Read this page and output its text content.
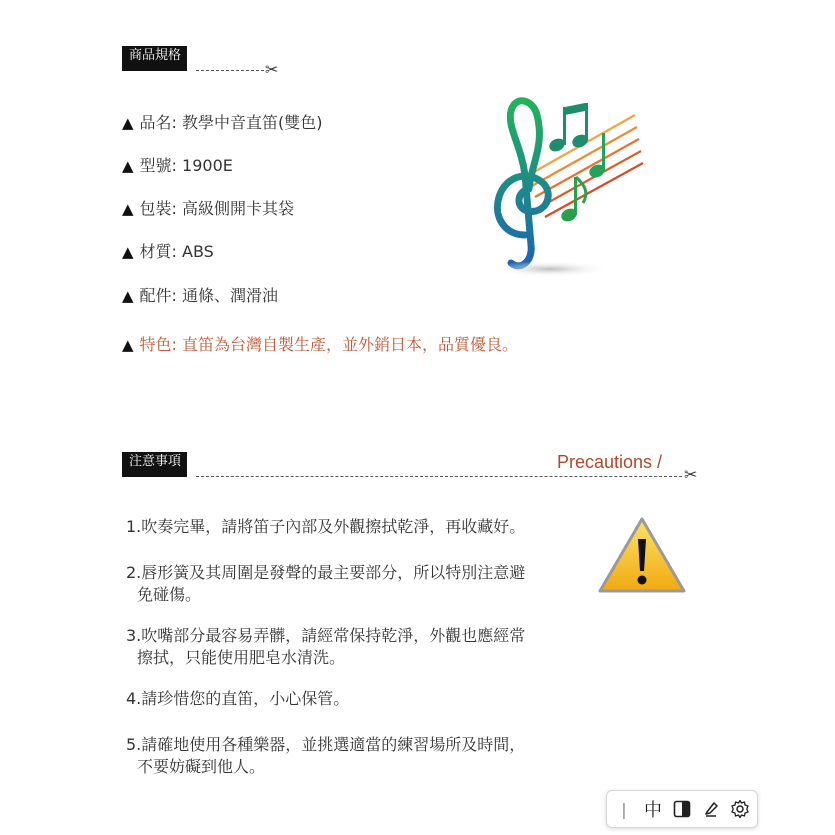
商品規格
✂
▲ 品名: 教學中音直笛(雙色)
▲ 型號: 1900E
▲ 包裝: 高級側開卡其袋
▲ 材質: ABS
▲ 配件: 通條、潤滑油
▲ 特色: 直笛為台灣自製生產，並外銷日本，品質優良。
注意事項	Precautions /
✂
1.吹奏完畢，請將笛子內部及外觀擦拭乾淨，再收藏好。
2.唇形簧及其周圍是發聲的最主要部分，所以特別注意避
免碰傷。
3.吹嘴部分最容易弄髒，請經常保持乾淨，外觀也應經常
擦拭，只能使用肥皂水清洗。
4.請珍惜您的直笛，小心保管。
5.請確地使用各種樂器，並挑選適當的練習場所及時間，
不要妨礙到他人。
| 中
